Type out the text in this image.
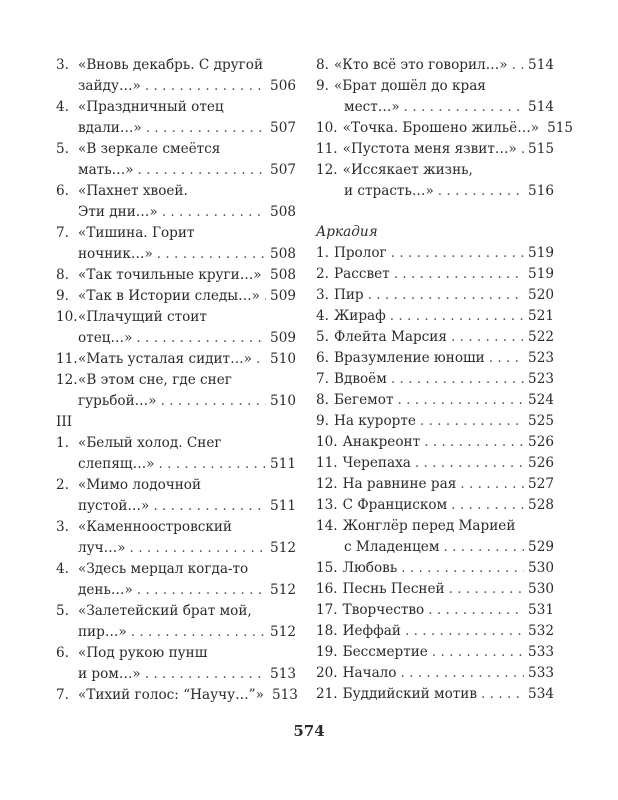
3. «Вновь декабрь. С другой
зайду…» . . .	506
4. «Праздничный отец
вдали…» . . .	507
5. «В зеркале смеётся
мать…» . . .	507
6. «Пахнет хвоей.
Эти дни…» . . .	508
7. «Тишина. Горит
ночник…» . . .	508
8. «Так точильные круги…» . . . 508
9. «Так в Истории следы…» . . . 509
10. «Плачущий стоит
отец…» . . .	509
11. «Мать усталая сидит…» . . . 510
12. «В этом сне, где снег
гурьбой…» . . .	510
III
1. «Белый холод. Снег
слепящ…» . . .	511
2. «Мимо лодочной
пустой…» . . .	511
3. «Каменноостровский
луч…» . . .	512
4. «Здесь мерцал когда-то
день…» . . .	512
5. «Залетейский брат мой,
пир…» . . .	512
6. «Под рукою пунш
и ром…» . . .	513
7. «Тихий голос: “Научу…”» 513
8. «Кто всё это говорил…» . . . 514
9. «Брат дошёл до края
мест…» . . .	514
10. «Точка. Брошено жильё…» 515
11. «Пустота меня язвит…» . . . 515
12. «Иссякает жизнь,
и страсть…» . . .	516
Аркадия
1. Пролог . . .	519
2. Рассвет . . .	519
3. Пир . . .	520
4. Жираф . . .	521
5. Флейта Марсия . . .	522
6. Вразумление юноши . . .	523
7. Вдвоём . . .	523
8. Бегемот . . .	524
9. На курорте . . .	525
10. Анакреонт . . .	526
11. Черепаха . . .	526
12. На равнине рая . . .	527
13. С Франциском . . .	528
14. Жонглёр перед Марией
с Младенцем . . .	529
15. Любовь . . .	530
16. Песнь Песней . . .	530
17. Творчество . . .	531
18. Иеффай . . .	532
19. Бессмертие . . .	533
20. Начало . . .	533
21. Буддийский мотив . . .	534
574
